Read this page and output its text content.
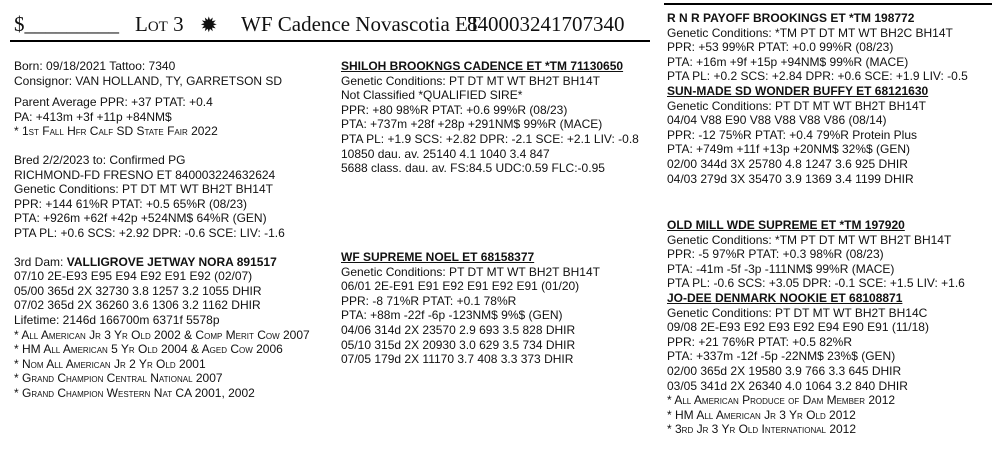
$_________ Lot 3 ✹ WF Cadence Novascotia ET
840003241707340
Born: 09/18/2021 Tattoo: 7340
Consignor: VAN HOLLAND, TY, GARRETSON SD
Parent Average PPR: +37 PTAT: +0.4
PA: +413m +3f +11p +84NM$
* 1st Fall Hfr Calf SD State Fair 2022
Bred 2/2/2023 to: Confirmed PG
RICHMOND-FD FRESNO ET 840003224632624
Genetic Conditions: PT DT MT WT BH2T BH14T
PPR: +144 61%R PTAT: +0.5 65%R (08/23)
PTA: +926m +62f +42p +524NM$ 64%R (GEN)
PTA PL: +0.6 SCS: +2.92 DPR: -0.6 SCE: LIV: -1.6
3rd Dam: VALLIGROVE JETWAY NORA 891517
07/10 2E-E93 E95 E94 E92 E91 E92 (02/07)
05/00 365d 2X 32730 3.8 1257 3.2 1055 DHIR
07/02 365d 2X 36260 3.6 1306 3.2 1162 DHIR
Lifetime: 2146d 166700m 6371f 5578p
* All American Jr 3 Yr Old 2002 & Comp Merit Cow 2007
* HM All American 5 Yr Old 2004 & Aged Cow 2006
* Nom All American Jr 2 Yr Old 2001
* Grand Champion Central National 2007
* Grand Champion Western Nat CA 2001, 2002
SHILOH BROOKNGS CADENCE ET *TM 71130650
Genetic Conditions: PT DT MT WT BH2T BH14T
Not Classified *QUALIFIED SIRE*
PPR: +80 98%R PTAT: +0.6 99%R (08/23)
PTA: +737m +28f +28p +291NM$ 99%R (MACE)
PTA PL: +1.9 SCS: +2.82 DPR: -2.1 SCE: +2.1 LIV: -0.8
10850 dau. av. 25140 4.1 1040 3.4 847
5688 class. dau. av. FS:84.5 UDC:0.59 FLC:-0.95
WF SUPREME NOEL ET 68158377
Genetic Conditions: PT DT MT WT BH2T BH14T
06/01 2E-E91 E91 E92 E91 E92 E91 (01/20)
PPR: -8 71%R PTAT: +0.1 78%R
PTA: +88m -22f -6p -123NM$ 9%$ (GEN)
04/06 314d 2X 23570 2.9 693 3.5 828 DHIR
05/10 315d 2X 20930 3.0 629 3.5 734 DHIR
07/05 179d 2X 11170 3.7 408 3.3 373 DHIR
R N R PAYOFF BROOKINGS ET *TM 198772
Genetic Conditions: *TM PT DT MT WT BH2C BH14T
PPR: +53 99%R PTAT: +0.0 99%R (08/23)
PTA: +16m +9f +15p +94NM$ 99%R (MACE)
PTA PL: +0.2 SCS: +2.84 DPR: +0.6 SCE: +1.9 LIV: -0.5
SUN-MADE SD WONDER BUFFY ET 68121630
Genetic Conditions: PT DT MT WT BH2T BH14T
04/04 V88 E90 V88 V88 V88 V86 (08/14)
PPR: -12 75%R PTAT: +0.4 79%R Protein Plus
PTA: +749m +11f +13p +20NM$ 32%$ (GEN)
02/00 344d 3X 25780 4.8 1247 3.6 925 DHIR
04/03 279d 3X 35470 3.9 1369 3.4 1199 DHIR
OLD MILL WDE SUPREME ET *TM 197920
Genetic Conditions: *TM PT DT MT WT BH2T BH14T
PPR: -5 97%R PTAT: +0.3 98%R (08/23)
PTA: -41m -5f -3p -111NM$ 99%R (MACE)
PTA PL: -0.6 SCS: +3.05 DPR: -0.1 SCE: +1.5 LIV: +1.6
JO-DEE DENMARK NOOKIE ET 68108871
Genetic Conditions: PT DT MT WT BH2T BH14C
09/08 2E-E93 E92 E93 E92 E94 E90 E91 (11/18)
PPR: +21 76%R PTAT: +0.5 82%R
PTA: +337m -12f -5p -22NM$ 23%$ (GEN)
02/00 365d 2X 19580 3.9 766 3.3 645 DHIR
03/05 341d 2X 26340 4.0 1064 3.2 840 DHIR
* All American Produce of Dam Member 2012
* HM All American Jr 3 Yr Old 2012
* 3rd Jr 3 Yr Old International 2012
